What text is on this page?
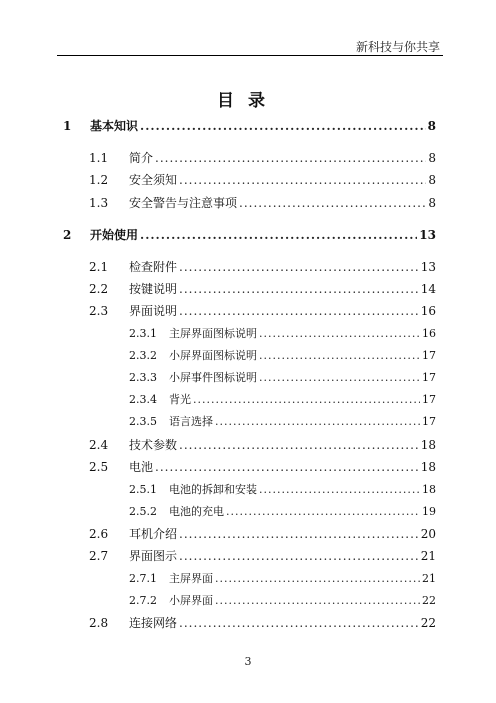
新科技与你共享
目录
1	基本知识 .....	8
1.1	简介 .....	8
1.2	安全须知 .....	8
1.3	安全警告与注意事项 .....	8
2	开始使用 .....	13
2.1	检查附件 .....	13
2.2	按键说明 .....	14
2.3	界面说明 .....	16
2.3.1	主屏界面图标说明 .....	16
2.3.2	小屏界面图标说明 .....	17
2.3.3	小屏事件图标说明 .....	17
2.3.4	背光 .....	17
2.3.5	语言选择 .....	17
2.4	技术参数 .....	18
2.5	电池 .....	18
2.5.1	电池的拆卸和安装 .....	18
2.5.2	电池的充电 .....	19
2.6	耳机介绍 .....	20
2.7	界面图示 .....	21
2.7.1	主屏界面 .....	21
2.7.2	小屏界面 .....	22
2.8	连接网络 .....	22
3
